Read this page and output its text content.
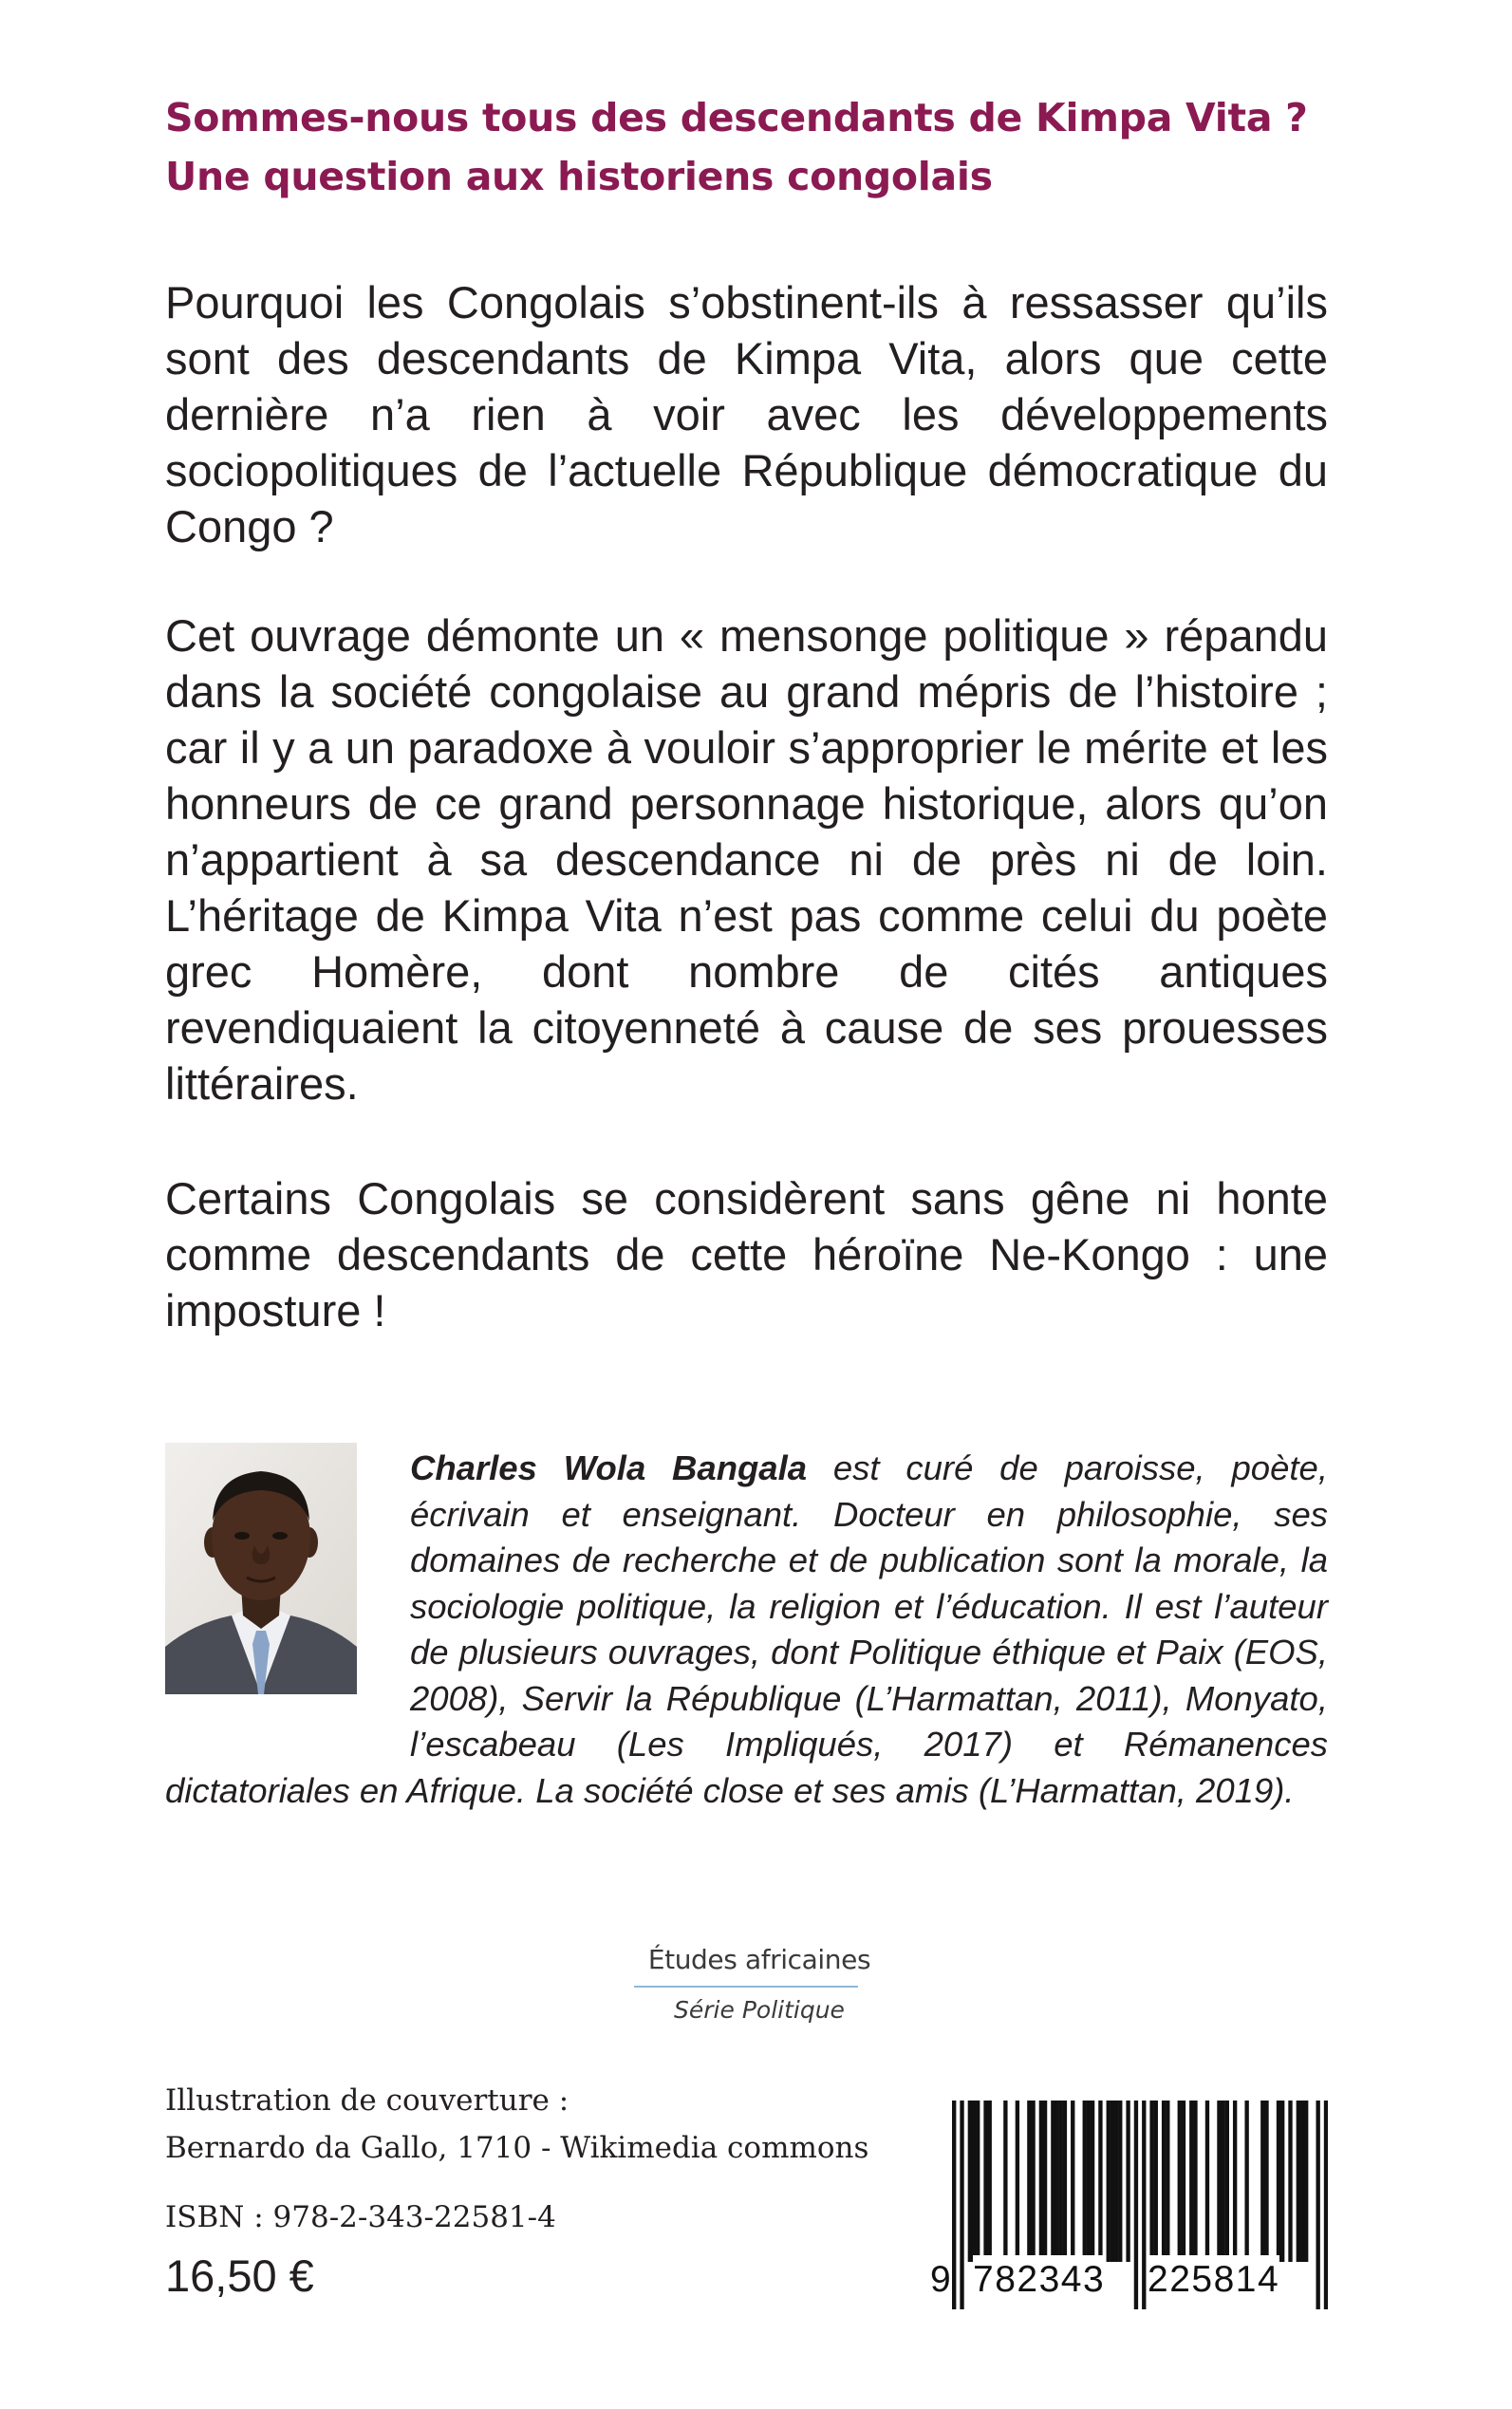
Sommes-nous tous des descendants de Kimpa Vita ?
Une question aux historiens congolais

Pourquoi les Congolais s’obstinent-ils à ressasser qu’ils sont des descendants de Kimpa Vita, alors que cette dernière n’a rien à voir avec les développements sociopolitiques de l’actuelle République démocratique du Congo ?

Cet ouvrage démonte un « mensonge politique » répandu dans la société congolaise au grand mépris de l’histoire ; car il y a un paradoxe à vouloir s’approprier le mérite et les honneurs de ce grand personnage historique, alors qu’on n’appartient à sa descendance ni de près ni de loin. L’héritage de Kimpa Vita n’est pas comme celui du poète grec Homère, dont nombre de cités antiques revendiquaient la citoyenneté à cause de ses prouesses littéraires.

Certains Congolais se considèrent sans gêne ni honte comme descendants de cette héroïne Ne-Kongo : une imposture !

Charles Wola Bangala est curé de paroisse, poète, écrivain et enseignant. Docteur en philosophie, ses domaines de recherche et de publication sont la morale, la sociologie politique, la religion et l’éducation. Il est l’auteur de plusieurs ouvrages, dont Politique éthique et Paix (EOS, 2008), Servir la République (L’Harmattan, 2011), Monyato, l’escabeau (Les Impliqués, 2017) et Rémanences dictatoriales en Afrique. La société close et ses amis (L’Harmattan, 2019).
Études africaines
Série Politique
Illustration de couverture :
Bernardo da Gallo, 1710 - Wikimedia commons
ISBN : 978-2-343-22581-4
16,50 €	9 782343 225814
